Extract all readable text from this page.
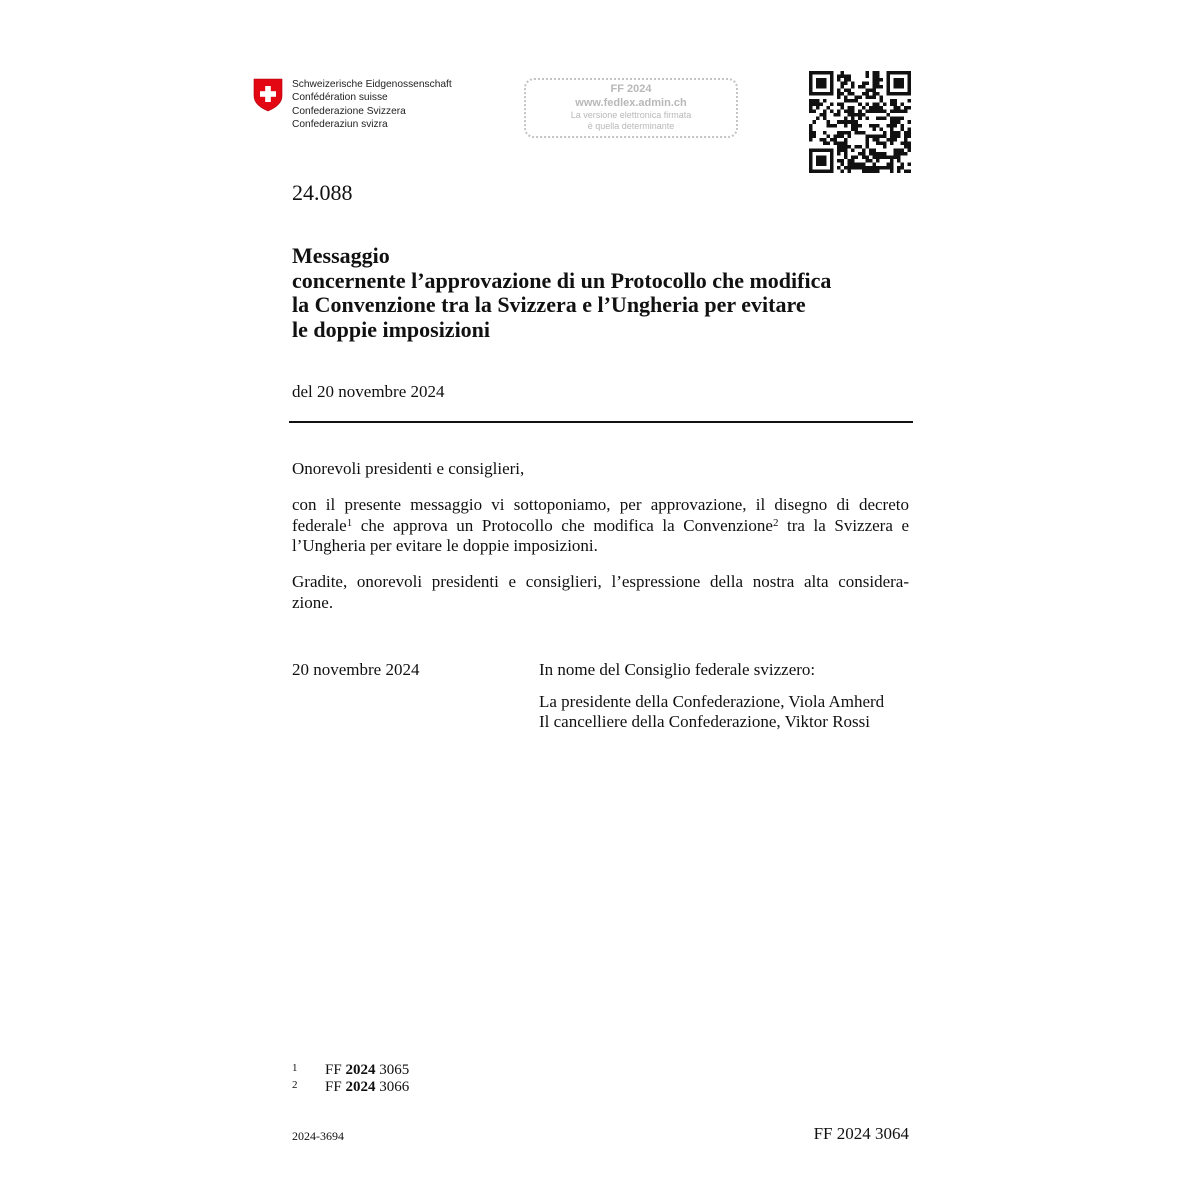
Schweizerische Eidgenossenschaft
Confédération suisse
Confederazione Svizzera
Confederaziun svizra
FF 2024
www.fedlex.admin.ch
La versione elettronica firmata
è quella determinante
24.088
Messaggio
concernente l’approvazione di un Protocollo che modifica
la Convenzione tra la Svizzera e l’Ungheria per evitare
le doppie imposizioni
del 20 novembre 2024
Onorevoli presidenti e consiglieri,
con il presente messaggio vi sottoponiamo, per approvazione, il disegno di decreto
federale$^1$ che approva un Protocollo che modifica la Convenzione$^2$ tra la Svizzera e
l’Ungheria per evitare le doppie imposizioni.
Gradite, onorevoli presidenti e consiglieri, l’espressione della nostra alta considera-
zione.
20 novembre 2024	In nome del Consiglio federale svizzero:
La presidente della Confederazione, Viola Amherd
Il cancelliere della Confederazione, Viktor Rossi
1 FF 2024 3065
2 FF 2024 3066
2024-3694	FF 2024 3064
